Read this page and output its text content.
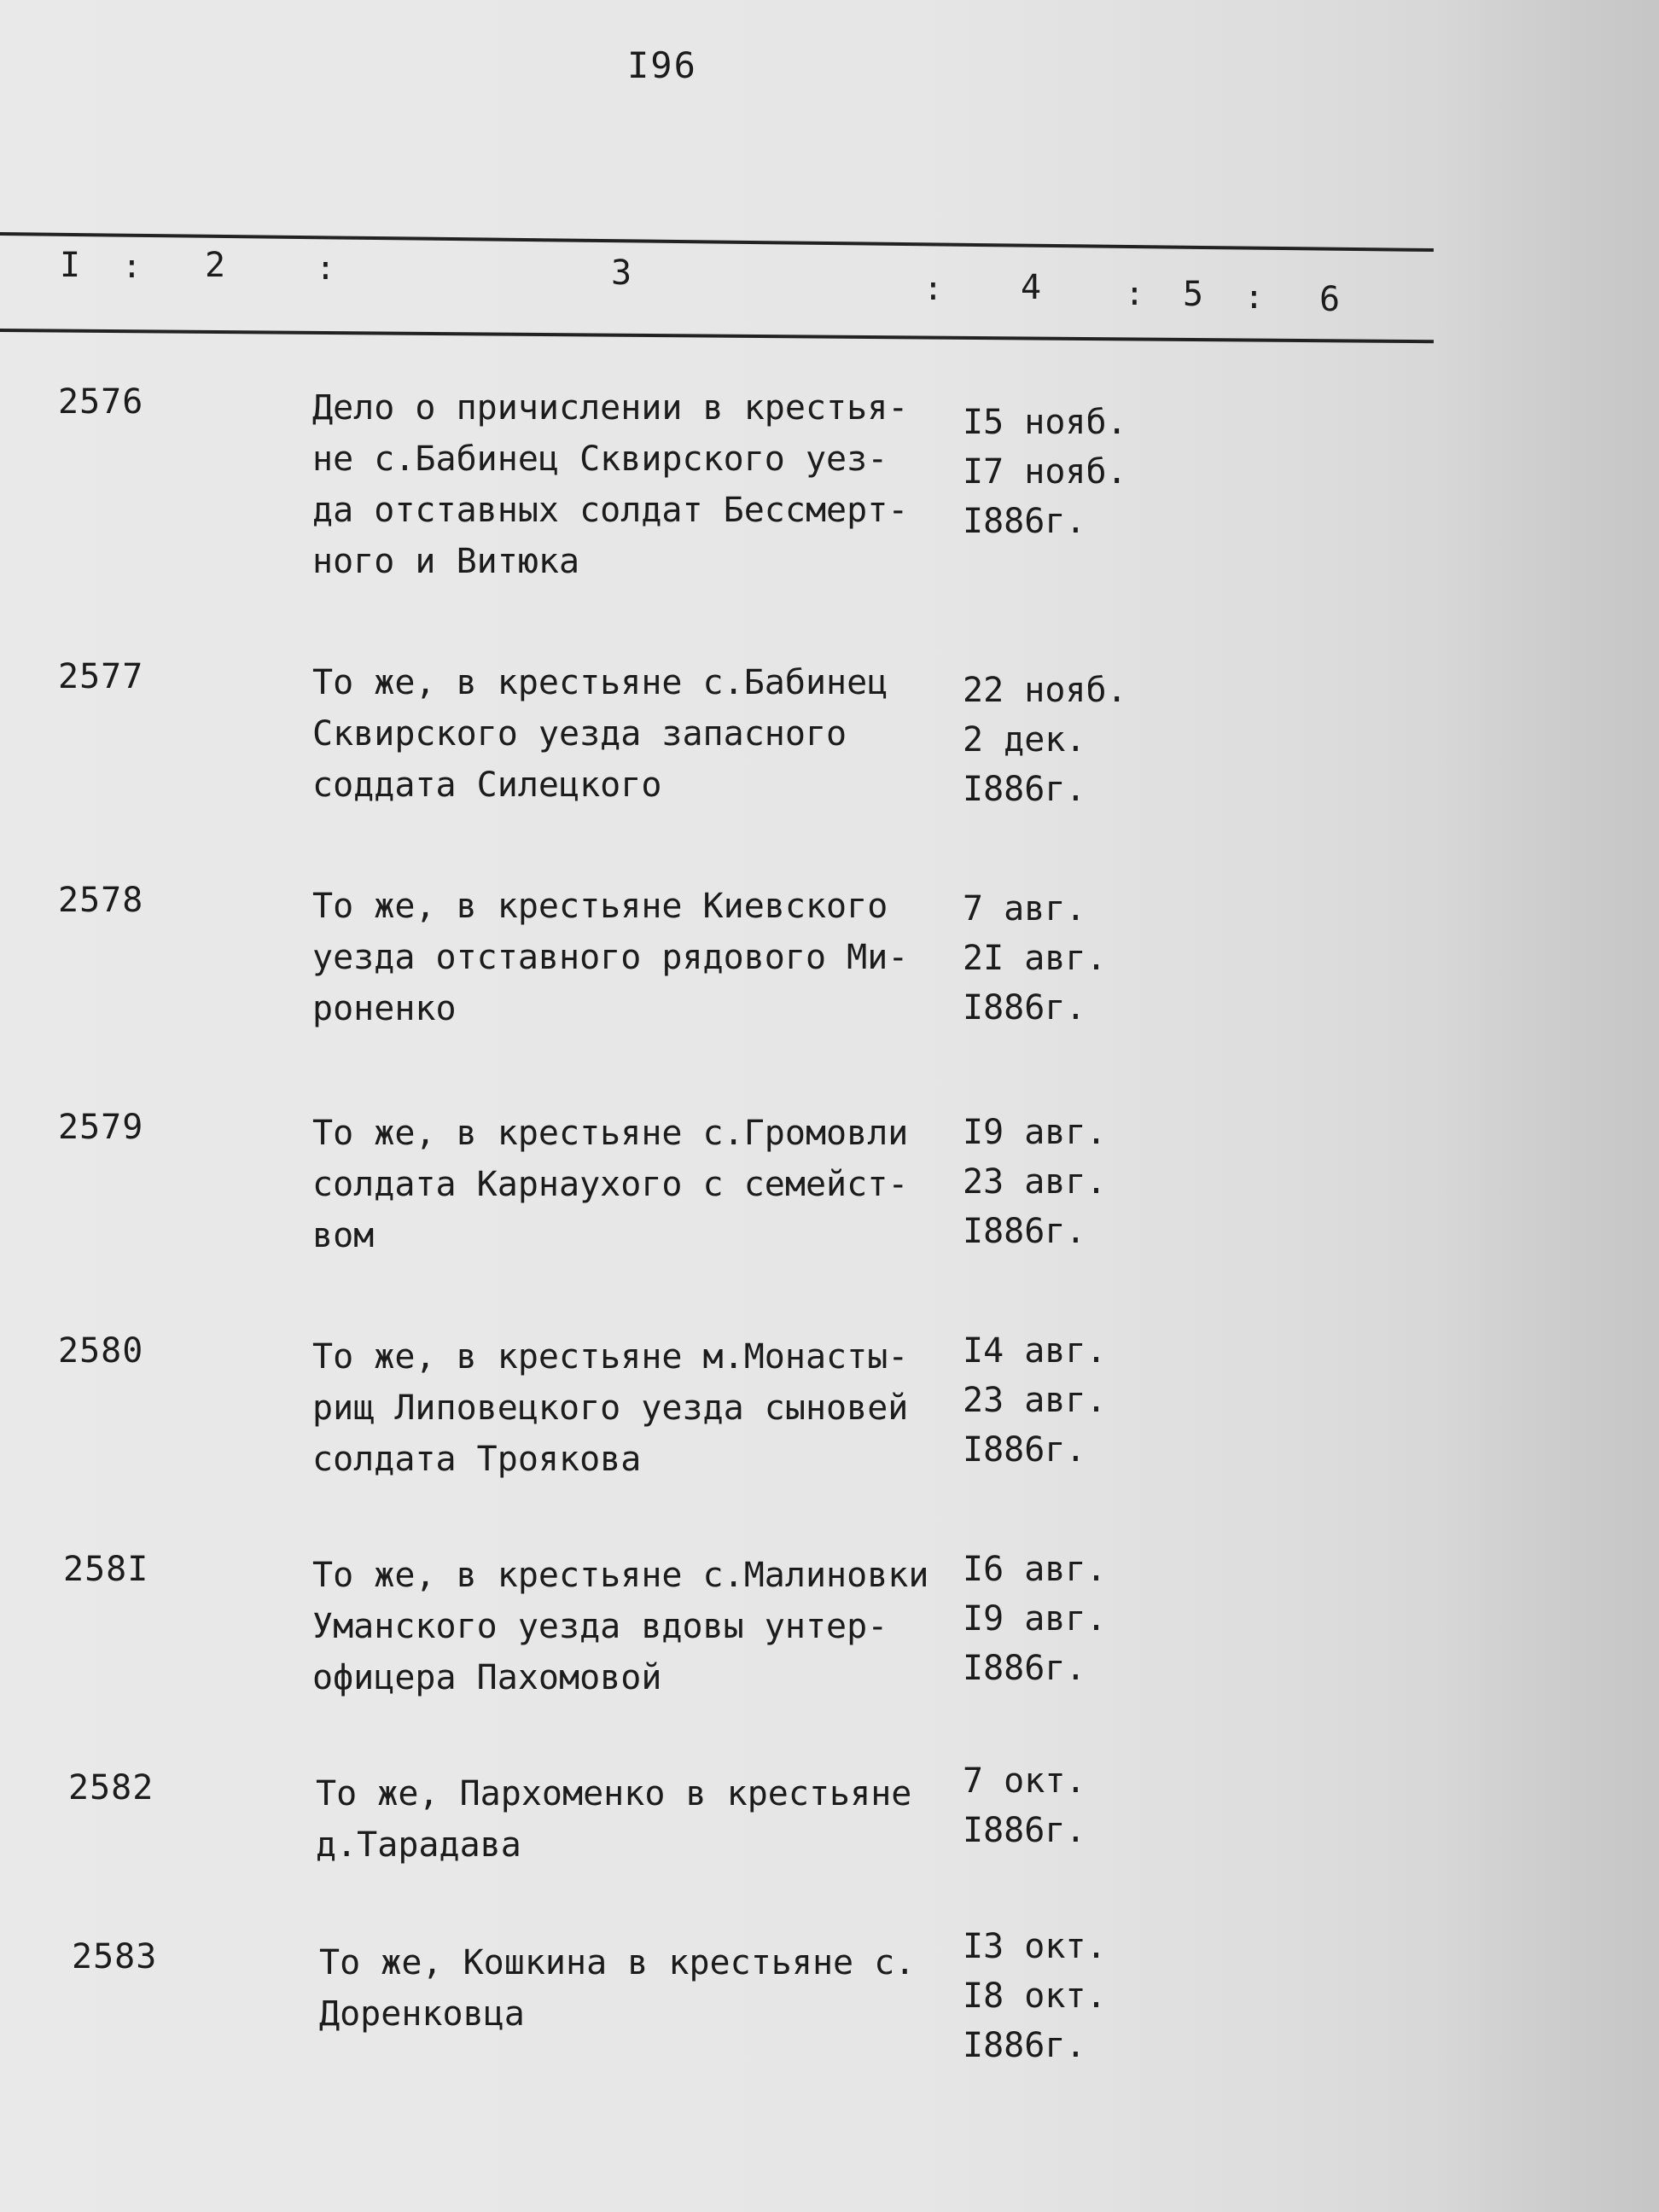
I96
I : 2	:	3	: 4	: 5 : 6
2576	Дело о причислении в крестья-
не с.Бабинец Сквирского уез-
да отставных солдат Бессмерт-
ного и Витюка
I5 нояб.
I7 нояб.
I886г.
2577	То же, в крестьяне с.Бабинец
Сквирского уезда запасного
соддата Силецкого
22 нояб.
2 дек.
I886г.
2578	То же, в крестьяне Киевского
уезда отставного рядового Ми-
роненко
7 авг.
2I авг.
I886г.
2579	То же, в крестьяне с.Громовли
солдата Карнаухого с семейст-
вом
I9 авг.
23 авг.
I886г.
2580	То же, в крестьяне м.Монасты-
рищ Липовецкого уезда сыновей
солдата Троякова
I4 авг.
23 авг.
I886г.
258I	То же, в крестьяне с.Малиновки
Уманского уезда вдовы унтер-
офицера Пахомовой
I6 авг.
I9 авг.
I886г.
2582	То же, Пархоменко в крестьяне
д.Тарадава
7 окт.
I886г.
2583	То же, Кошкина в крестьяне с.
Доренковца
I3 окт.
I8 окт.
I886г.
